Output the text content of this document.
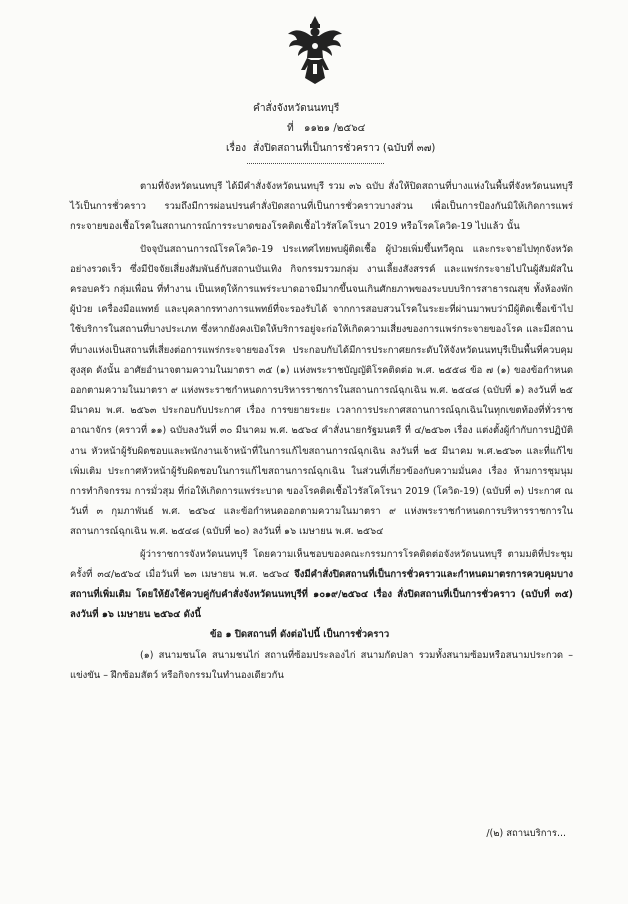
คำสั่งจังหวัดนนทบุรี
ที่ ๑๑๒๑ /๒๕๖๔
เรื่อง สั่งปิดสถานที่เป็นการชั่วคราว (ฉบับที่ ๓๗)

ตามที่จังหวัดนนทบุรี ได้มีคำสั่งจังหวัดนนทบุรี รวม ๓๖ ฉบับ สั่งให้ปิดสถานที่บางแห่งในพื้นที่จังหวัดนนทบุรี ไว้เป็นการชั่วคราว รวมถึงมีการผ่อนปรนคำสั่งปิดสถานที่เป็นการชั่วคราวบางส่วน เพื่อเป็นการป้องกันมิให้เกิดการแพร่กระจายของเชื้อโรคในสถานการณ์การระบาดของโรคติดเชื้อไวรัสโคโรนา 2019 หรือโรคโควิด-19 ไปแล้ว นั้น

ปัจจุบันสถานการณ์โรคโควิด-19 ประเทศไทยพบผู้ติดเชื้อ ผู้ป่วยเพิ่มขึ้นทวีคูณ และกระจายไปทุกจังหวัดอย่างรวดเร็ว ซึ่งมีปัจจัยเสี่ยงสัมพันธ์กับสถานบันเทิง กิจกรรมรวมกลุ่ม งานเลี้ยงสังสรรค์ และแพร่กระจายไปในผู้สัมผัสในครอบครัว กลุ่มเพื่อน ที่ทำงาน เป็นเหตุให้การแพร่ระบาดอาจมีมากขึ้นจนเกินศักยภาพของระบบบริการสาธารณสุข ทั้งห้องพักผู้ป่วย เครื่องมือแพทย์ และบุคลากรทางการแพทย์ที่จะรองรับได้ จากการสอบสวนโรคในระยะที่ผ่านมาพบว่ามีผู้ติดเชื้อเข้าไปใช้บริการในสถานที่บางประเภท ซึ่งหากยังคงเปิดให้บริการอยู่จะก่อให้เกิดความเสี่ยงของการแพร่กระจายของโรค และมีสถานที่บางแห่งเป็นสถานที่เสี่ยงต่อการแพร่กระจายของโรค ประกอบกับได้มีการประกาศยกระดับให้จังหวัดนนทบุรีเป็นพื้นที่ควบคุมสูงสุด ดังนั้น อาศัยอำนาจตามความในมาตรา ๓๕ (๑) แห่งพระราชบัญญัติโรคติดต่อ พ.ศ. ๒๕๕๘ ข้อ ๗ (๑) ของข้อกำหนด ออกตามความในมาตรา ๙ แห่งพระราชกำหนดการบริหารราชการในสถานการณ์ฉุกเฉิน พ.ศ. ๒๕๔๘ (ฉบับที่ ๑) ลงวันที่ ๒๕ มีนาคม พ.ศ. ๒๕๖๓ ประกอบกับประกาศ เรื่อง การขยายระยะ เวลาการประกาศสถานการณ์ฉุกเฉินในทุกเขตท้องที่ทั่วราชอาณาจักร (คราวที่ ๑๑) ฉบับลงวันที่ ๓๐ มีนาคม พ.ศ. ๒๕๖๔ คำสั่งนายกรัฐมนตรี ที่ ๔/๒๕๖๓ เรื่อง แต่งตั้งผู้กำกับการปฏิบัติงาน หัวหน้าผู้รับผิดชอบและพนักงานเจ้าหน้าที่ในการแก้ไขสถานการณ์ฉุกเฉิน ลงวันที่ ๒๕ มีนาคม พ.ศ.๒๕๖๓ และที่แก้ไขเพิ่มเติม ประกาศหัวหน้าผู้รับผิดชอบในการแก้ไขสถานการณ์ฉุกเฉิน ในส่วนที่เกี่ยวข้องกับความมั่นคง เรื่อง ห้ามการชุมนุม การทำกิจกรรม การมั่วสุม ที่ก่อให้เกิดการแพร่ระบาด ของโรคติดเชื้อไวรัสโคโรนา 2019 (โควิด-19) (ฉบับที่ ๓) ประกาศ ณ วันที่ ๓ กุมภาพันธ์ พ.ศ. ๒๕๖๔ และข้อกำหนดออกตามความในมาตรา ๙ แห่งพระราชกำหนดการบริหารราชการในสถานการณ์ฉุกเฉิน พ.ศ. ๒๕๔๘ (ฉบับที่ ๒๐) ลงวันที่ ๑๖ เมษายน พ.ศ. ๒๕๖๔

ผู้ว่าราชการจังหวัดนนทบุรี โดยความเห็นชอบของคณะกรรมการโรคติดต่อจังหวัดนนทบุรี ตามมติที่ประชุมครั้งที่ ๓๔/๒๕๖๔ เมื่อวันที่ ๒๓ เมษายน พ.ศ. ๒๕๖๔ จึงมีคำสั่งปิดสถานที่เป็นการชั่วคราวและกำหนดมาตรการควบคุมบางสถานที่เพิ่มเติม โดยให้ยังใช้ควบคู่กับคำสั่งจังหวัดนนทบุรีที่ ๑๐๑๙/๒๕๖๔ เรื่อง สั่งปิดสถานที่เป็นการชั่วคราว (ฉบับที่ ๓๕) ลงวันที่ ๑๖ เมษายน ๒๕๖๔ ดังนี้

ข้อ ๑ ปิดสถานที่ ดังต่อไปนี้ เป็นการชั่วคราว

(๑) สนามชนโค สนามชนไก่ สถานที่ซ้อมประลองไก่ สนามกัดปลา รวมทั้งสนามซ้อมหรือสนามประกวด – แข่งขัน – ฝึกซ้อมสัตว์ หรือกิจกรรมในทำนองเดียวกัน

/(๒) สถานบริการ...
